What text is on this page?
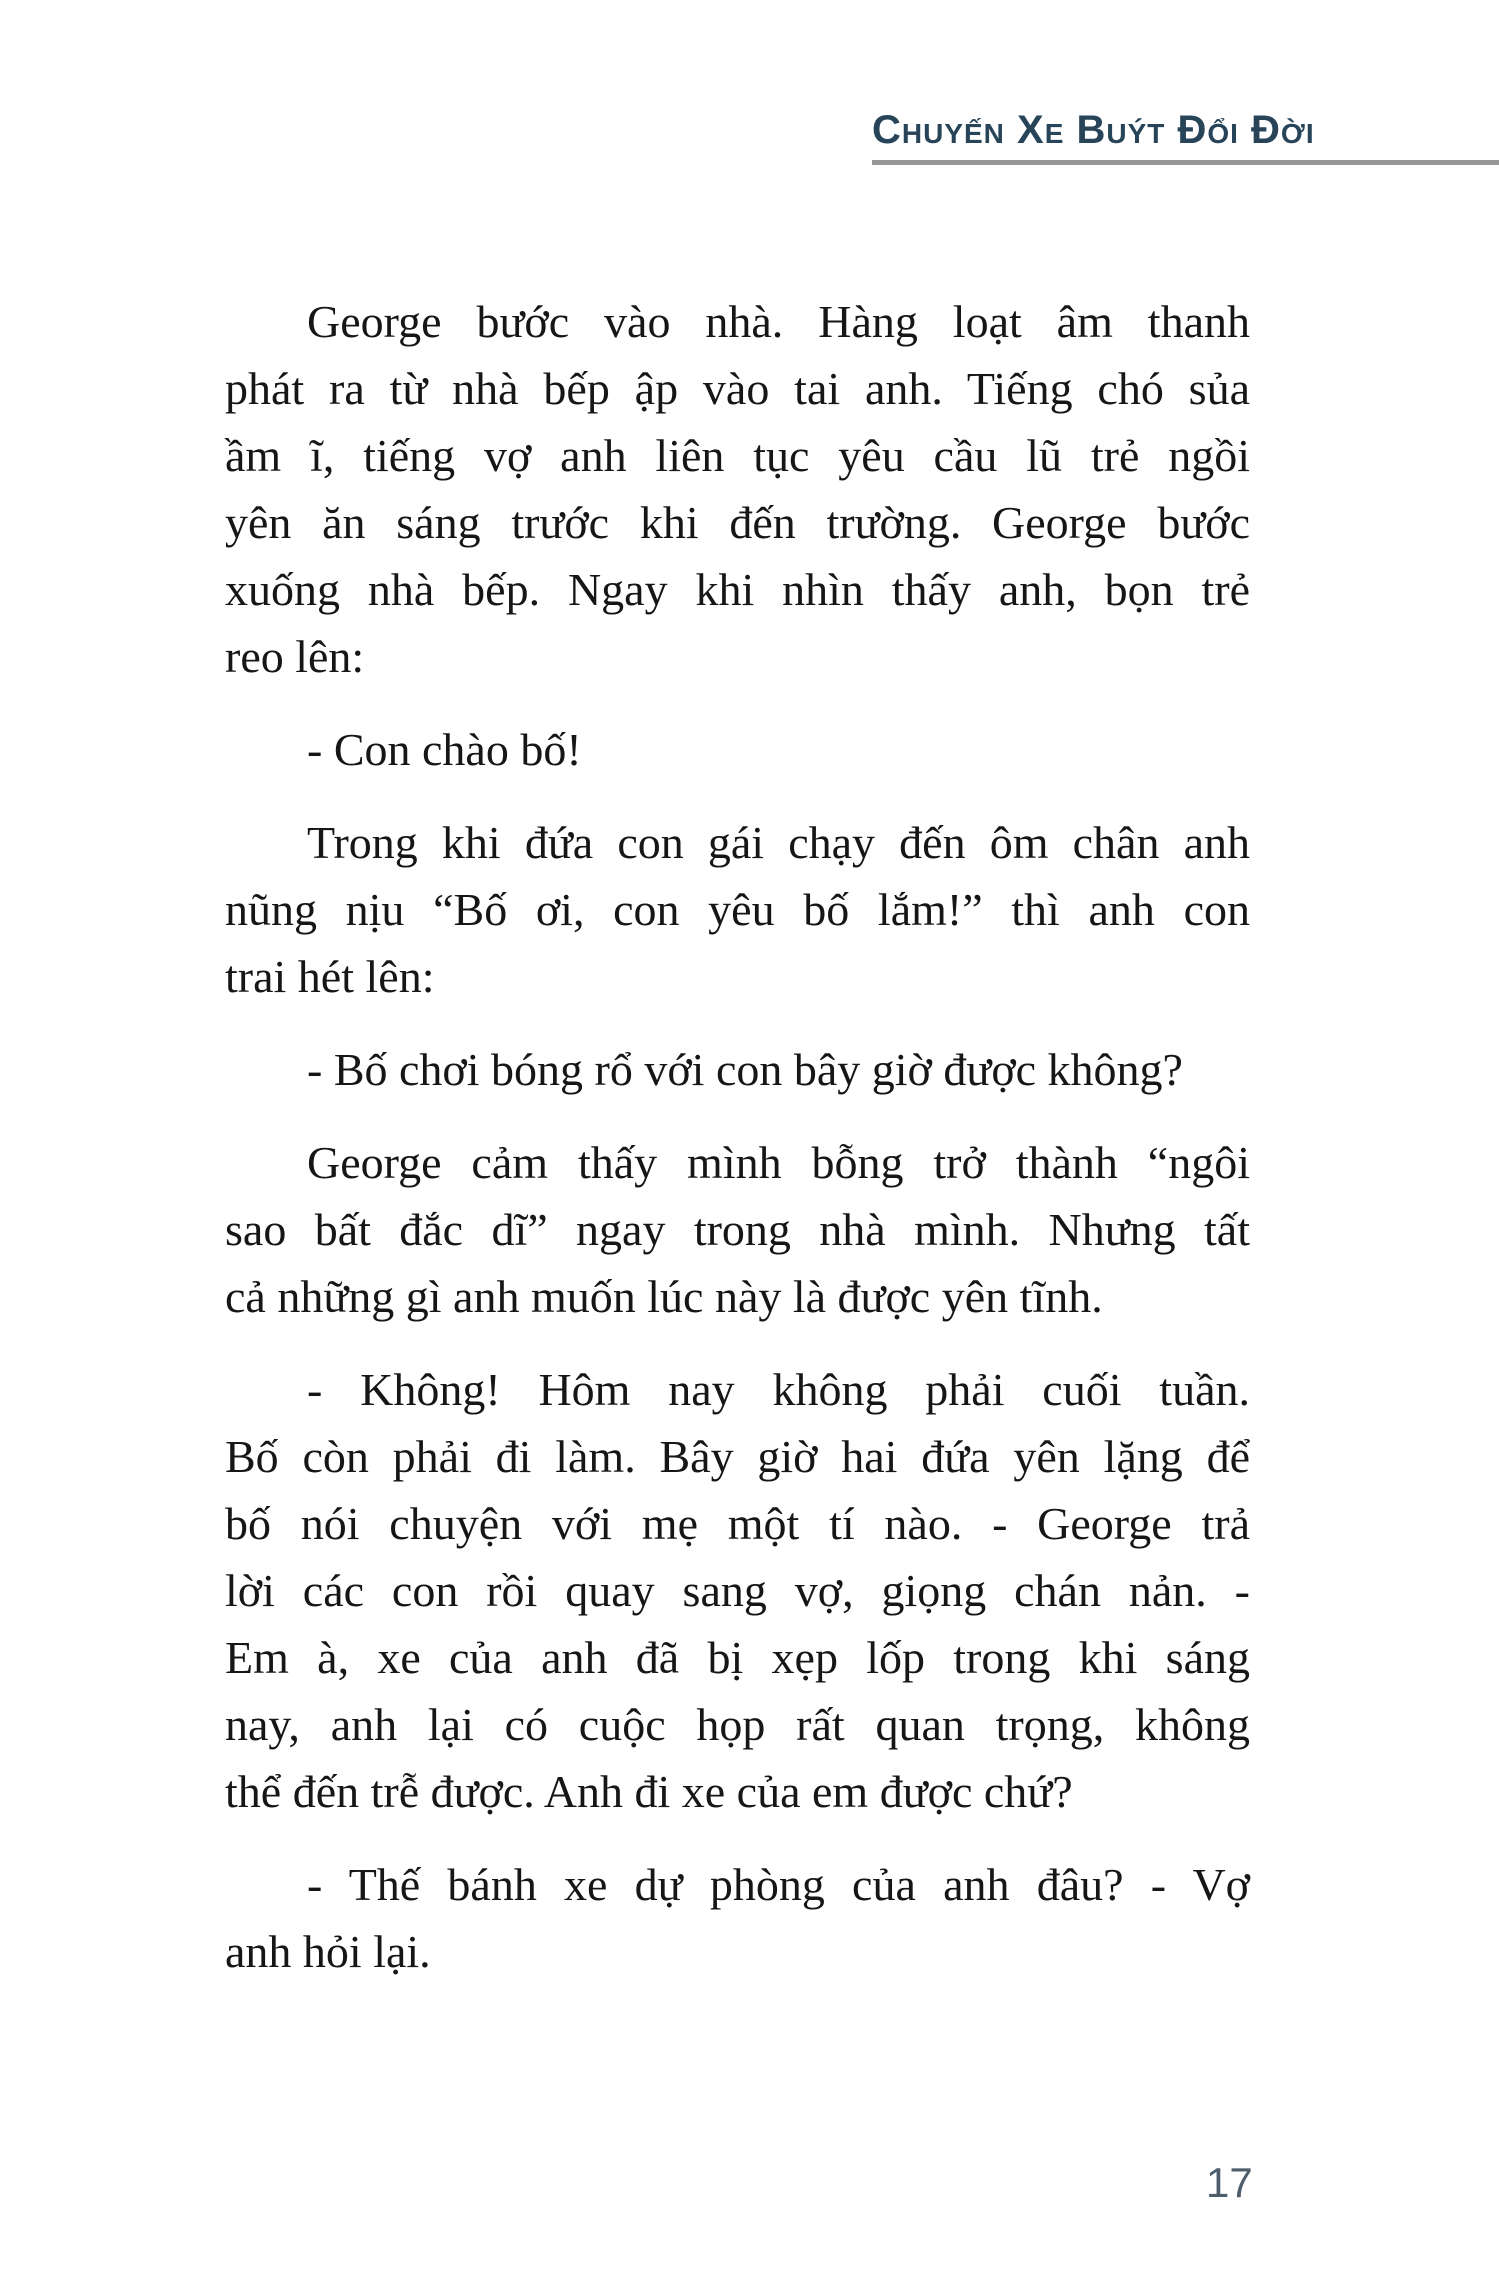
Chuyến Xe Buýt Đổi Đời
George bước vào nhà. Hàng loạt âm thanh
phát ra từ nhà bếp ập vào tai anh. Tiếng chó sủa
ầm ĩ, tiếng vợ anh liên tục yêu cầu lũ trẻ ngồi
yên ăn sáng trước khi đến trường. George bước
xuống nhà bếp. Ngay khi nhìn thấy anh, bọn trẻ
reo lên:
- Con chào bố!
Trong khi đứa con gái chạy đến ôm chân anh
nũng nịu “Bố ơi, con yêu bố lắm!” thì anh con
trai hét lên:
- Bố chơi bóng rổ với con bây giờ được không?
George cảm thấy mình bỗng trở thành “ngôi
sao bất đắc dĩ” ngay trong nhà mình. Nhưng tất
cả những gì anh muốn lúc này là được yên tĩnh.
- Không! Hôm nay không phải cuối tuần.
Bố còn phải đi làm. Bây giờ hai đứa yên lặng để
bố nói chuyện với mẹ một tí nào. - George trả
lời các con rồi quay sang vợ, giọng chán nản. -
Em à, xe của anh đã bị xẹp lốp trong khi sáng
nay, anh lại có cuộc họp rất quan trọng, không
thể đến trễ được. Anh đi xe của em được chứ?
- Thế bánh xe dự phòng của anh đâu? - Vợ
anh hỏi lại.
17
